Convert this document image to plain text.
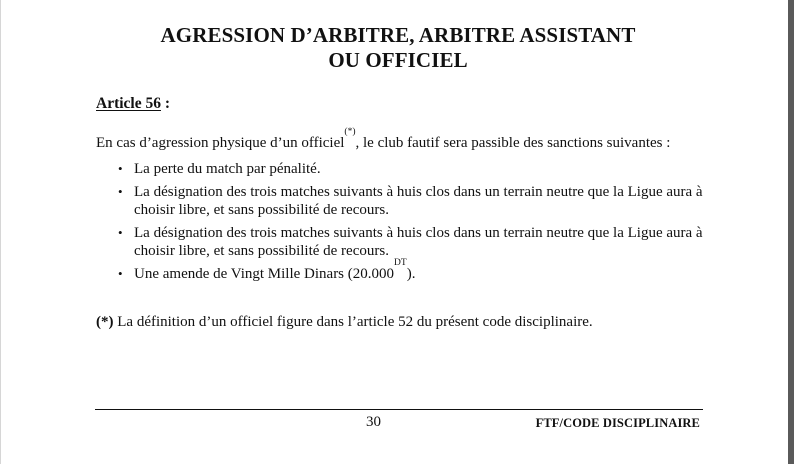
AGRESSION D’ARBITRE, ARBITRE ASSISTANT
OU OFFICIEL
Article 56 :
En cas d’agression physique d’un officiel(*), le club fautif sera passible des sanctions suivantes :
• La perte du match par pénalité.
• La désignation des trois matches suivants à huis clos dans un terrain neutre que la Ligue aura à choisir libre, et sans possibilité de recours.
• La désignation des trois matches suivants à huis clos dans un terrain neutre que la Ligue aura à choisir libre, et sans possibilité de recours.
• Une amende de Vingt Mille Dinars $(20.000^{DT})$.
(*) La définition d’un officiel figure dans l’article 52 du présent code disciplinaire.
30	FTF/CODE DISCIPLINAIRE
